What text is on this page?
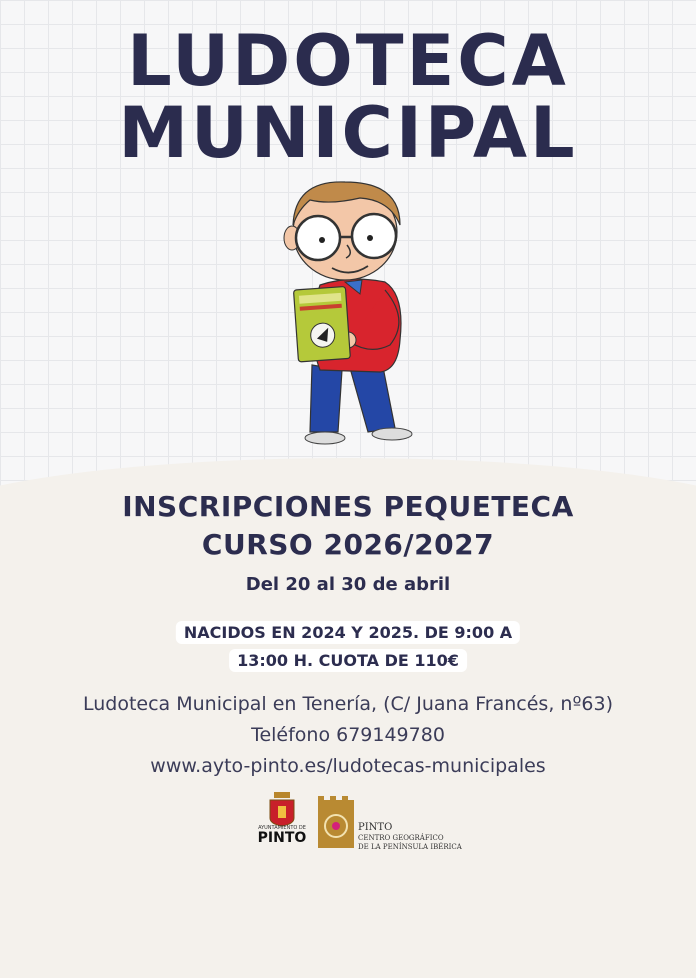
LUDOTECA
MUNICIPAL
INSCRIPCIONES PEQUETECA
CURSO 2026/2027
Del 20 al 30 de abril
NACIDOS EN 2024 Y 2025. DE 9:00 A
13:00 H. CUOTA DE 110€
Ludoteca Municipal en Tenería, (C/ Juana Francés, nº63)
Teléfono 679149780
www.ayto-pinto.es/ludotecas-municipales
AYUNTAMIENTO DE
PINTO
PINTO
CENTRO GEOGRÁFICO
DE LA PENÍNSULA IBÉRICA
